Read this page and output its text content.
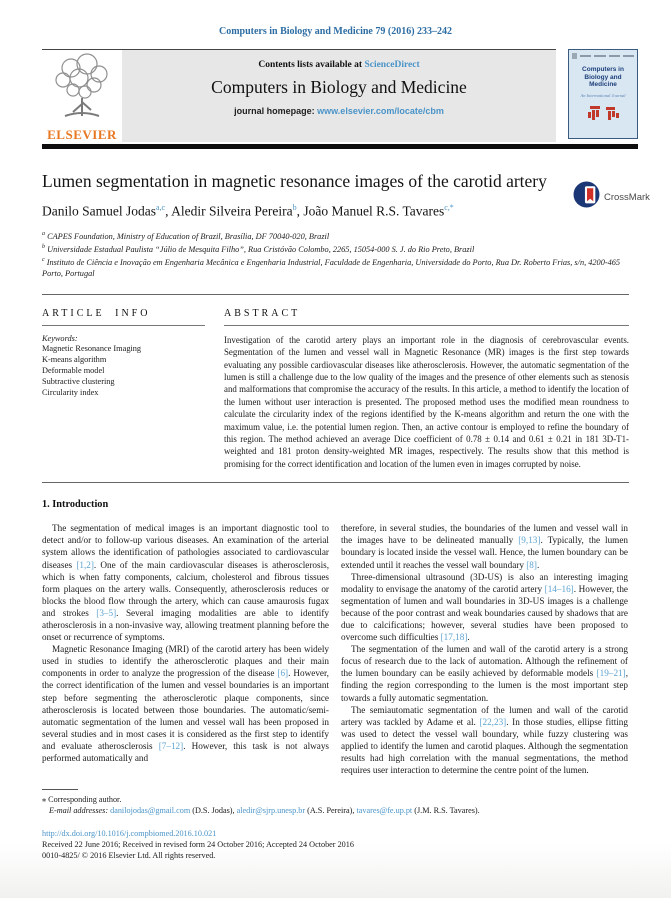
Computers in Biology and Medicine 79 (2016) 233–242
ELSEVIER
Contents lists available at ScienceDirect
Computers in Biology and Medicine
journal homepage: www.elsevier.com/locate/cbm
Computers in Biology and Medicine
An International Journal
Lumen segmentation in magnetic resonance images of the carotid artery
CrossMark
Danilo Samuel Jodas$^{a,c}$, Aledir Silveira Pereira$^b$, João Manuel R.S. Tavares$^{c,*}$
$^a$ CAPES Foundation, Ministry of Education of Brazil, Brasília, DF 70040-020, Brazil
$^b$ Universidade Estadual Paulista “Júlio de Mesquita Filho”, Rua Cristóvão Colombo, 2265, 15054-000 S. J. do Rio Preto, Brazil
$^c$ Instituto de Ciência e Inovação em Engenharia Mecânica e Engenharia Industrial, Faculdade de Engenharia, Universidade do Porto, Rua Dr. Roberto Frias, s/n, 4200-465 Porto, Portugal
ARTICLE INFO
Keywords:
Magnetic Resonance Imaging
K-means algorithm
Deformable model
Subtractive clustering
Circularity index
ABSTRACT
Investigation of the carotid artery plays an important role in the diagnosis of cerebrovascular events. Segmentation of the lumen and vessel wall in Magnetic Resonance (MR) images is the first step towards evaluating any possible cardiovascular diseases like atherosclerosis. However, the automatic segmentation of the lumen is still a challenge due to the low quality of the images and the presence of other elements such as stenosis and malformations that compromise the accuracy of the results. In this article, a method to identify the location of the lumen without user interaction is presented. The proposed method uses the modified mean roundness to calculate the circularity index of the regions identified by the K-means algorithm and return the one with the maximum value, i.e. the potential lumen region. Then, an active contour is employed to refine the boundary of this region. The method achieved an average Dice coefficient of 0.78 ± 0.14 and 0.61 ± 0.21 in 181 3D-T1-weighted and 181 proton density-weighted MR images, respectively. The results show that this method is promising for the correct identification and location of the lumen even in images corrupted by noise.
1. Introduction

The segmentation of medical images is an important diagnostic tool to detect and/or to follow-up various diseases. An examination of the arterial system allows the identification of pathologies associated to cardiovascular diseases [1,2]. One of the main cardiovascular diseases is atherosclerosis, which is when fatty components, calcium, cholesterol and fibrous tissues form plaques on the artery walls. Consequently, atherosclerosis reduces or blocks the blood flow through the artery, which can cause amaurosis fugax and strokes [3–5]. Several imaging modalities are able to identify atherosclerosis in a non-invasive way, allowing treatment planning before the onset or recurrence of symptoms.

Magnetic Resonance Imaging (MRI) of the carotid artery has been widely used in studies to identify the atherosclerotic plaques and their main components in order to analyze the progression of the disease [6]. However, the correct identification of the lumen and vessel boundaries is an important step before segmenting the atherosclerotic plaque components, since atherosclerosis is located between those boundaries. The automatic/semi-automatic segmentation of the lumen and vessel wall has been proposed in several studies and in most cases it is considered as the first step to identify and evaluate atherosclerosis [7–12]. However, this task is not always performed automatically and

therefore, in several studies, the boundaries of the lumen and vessel wall in the images have to be delineated manually [9,13]. Typically, the lumen boundary is located inside the vessel wall. Hence, the lumen boundary can be extended until it reaches the vessel wall boundary [8].

Three-dimensional ultrasound (3D-US) is also an interesting imaging modality to envisage the anatomy of the carotid artery [14–16]. However, the segmentation of lumen and wall boundaries in 3D-US images is a challenge because of the poor contrast and weak boundaries caused by shadows that are due to calcifications; however, several studies have been proposed to overcome such difficulties [17,18].

The segmentation of the lumen and wall of the carotid artery is a strong focus of research due to the lack of automation. Although the refinement of the lumen boundary can be easily achieved by deformable models [19–21], finding the region corresponding to the lumen is the most important step towards a fully automatic segmentation.

The semiautomatic segmentation of the lumen and wall of the carotid artery was tackled by Adame et al. [22,23]. In those studies, ellipse fitting was used to detect the vessel wall boundary, while fuzzy clustering was applied to identify the lumen and carotid plaques. Although the segmentation results had high correlation with the manual segmentations, the method requires user interaction to determine the centre point of the lumen.

⁎ Corresponding author.
E-mail addresses: danilojodas@gmail.com (D.S. Jodas), aledir@sjrp.unesp.br (A.S. Pereira), tavares@fe.up.pt (J.M. R.S. Tavares).
http://dx.doi.org/10.1016/j.compbiomed.2016.10.021
Received 22 June 2016; Received in revised form 24 October 2016; Accepted 24 October 2016
0010-4825/ © 2016 Elsevier Ltd. All rights reserved.
